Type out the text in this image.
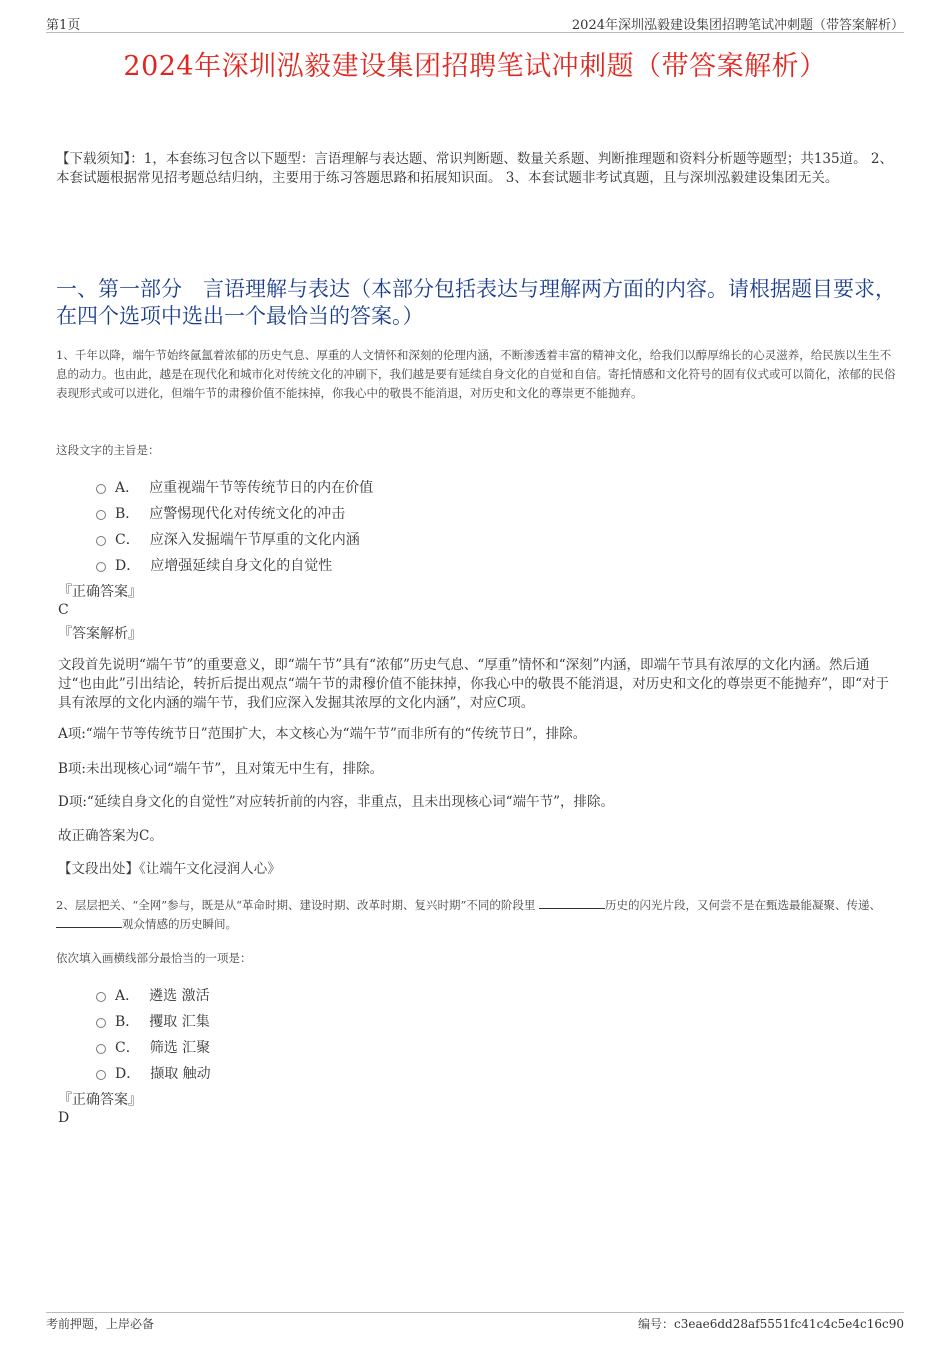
第1页	2024年深圳泓毅建设集团招聘笔试冲刺题（带答案解析）
2024年深圳泓毅建设集团招聘笔试冲刺题（带答案解析）
【下载须知】：1，本套练习包含以下题型：言语理解与表达题、常识判断题、数量关系题、判断推理题和资料分析题等题型；共135道。 2、本套试题根据常见招考题总结归纳，主要用于练习答题思路和拓展知识面。 3、本套试题非考试真题，且与深圳泓毅建设集团无关。
一、第一部分　言语理解与表达（本部分包括表达与理解两方面的内容。请根据题目要求，在四个选项中选出一个最恰当的答案。）
1、千年以降，端午节始终氤氲着浓郁的历史气息、厚重的人文情怀和深刻的伦理内涵，不断渗透着丰富的精神文化，给我们以醇厚绵长的心灵滋养，给民族以生生不息的动力。也由此，越是在现代化和城市化对传统文化的冲刷下，我们越是要有延续自身文化的自觉和自信。寄托情感和文化符号的固有仪式或可以简化，浓郁的民俗表现形式或可以进化，但端午节的肃穆价值不能抹掉，你我心中的敬畏不能消退，对历史和文化的尊崇更不能抛弃。
这段文字的主旨是：
A． 应重视端午节等传统节日的内在价值
B． 应警惕现代化对传统文化的冲击
C． 应深入发掘端午节厚重的文化内涵
D． 应增强延续自身文化的自觉性
『正确答案』
C
『答案解析』
文段首先说明“端午节”的重要意义，即“端午节”具有“浓郁”历史气息、“厚重”情怀和“深刻”内涵，即端午节具有浓厚的文化内涵。然后通过“也由此”引出结论，转折后提出观点“端午节的肃穆价值不能抹掉，你我心中的敬畏不能消退，对历史和文化的尊崇更不能抛弃”，即“对于具有浓厚的文化内涵的端午节，我们应深入发掘其浓厚的文化内涵”，对应C项。
A项:“端午节等传统节日”范围扩大，本文核心为“端午节”而非所有的“传统节日”，排除。
B项:未出现核心词“端午节”，且对策无中生有，排除。
D项:“延续自身文化的自觉性”对应转折前的内容，非重点，且未出现核心词“端午节”，排除。
故正确答案为C。
【文段出处】《让端午文化浸润人心》
2、层层把关、“全网”参与，既是从“革命时期、建设时期、改革时期、复兴时期”不同的阶段里	历史的闪光片段，又何尝不是在甄选最能凝聚、传递、 观众情感的历史瞬间。
依次填入画横线部分最恰当的一项是：
A． 遴选 激活
B． 攫取 汇集
C． 筛选 汇聚
D． 撷取 触动
『正确答案』
D
考前押题，上岸必备	编号：c3eae6dd28af5551fc41c4c5e4c16c90
